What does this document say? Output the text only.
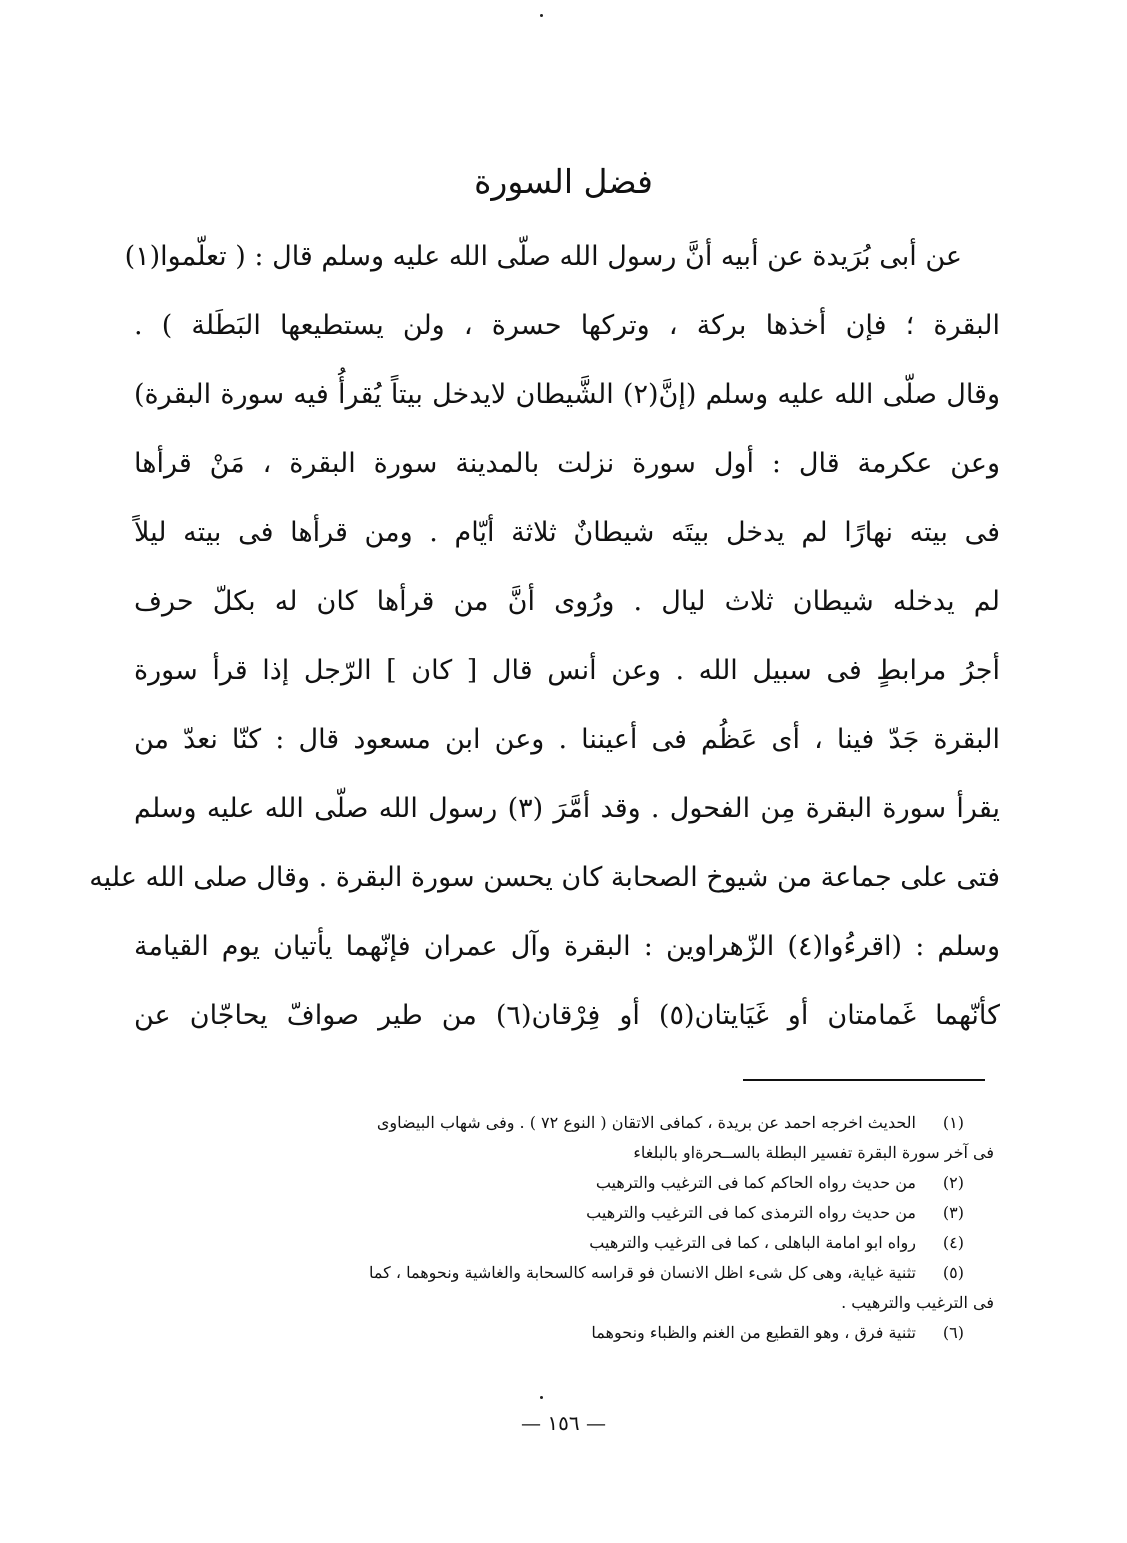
فضل السورة
عن أبى بُرَيدة عن أبيه أنَّ رسول الله صلّى الله عليه وسلم قال : ( تعلّموا(١)
البقرة ؛ فإن أخذها بركة ، وتركها حسرة ، ولن يستطيعها البَطَلة ) .
وقال صلّى الله عليه وسلم (إنَّ(٢) الشَّيطان لايدخل بيتاً يُقرأُ فيه سورة البقرة)
وعن عكرمة قال : أول سورة نزلت بالمدينة سورة البقرة ، مَنْ قرأها
فى بيته نهارًا لم يدخل بيتَه شيطانٌ ثلاثة أيّام . ومن قرأها فى بيته ليلاً
لم يدخله شيطان ثلاث ليال . ورُوى أنَّ من قرأها كان له بكلّ حرف
أجرُ مرابطٍ فى سبيل الله . وعن أنس قال [ كان ] الرّجل إذا قرأ سورة
البقرة جَدّ فينا ، أى عَظُم فى أعيننا . وعن ابن مسعود قال : كنّا نعدّ من
يقرأ سورة البقرة مِن الفحول . وقد أمَّرَ (٣) رسول الله صلّى الله عليه وسلم
فتى على جماعة من شيوخ الصحابة كان يحسن سورة البقرة . وقال صلى الله عليه
وسلم : (اقرءُوا(٤) الزّهراوين : البقرة وآل عمران فإنّهما يأتيان يوم القيامة
كأنّهما غَمامتان أو غَيَايتان(٥) أو فِرْقان(٦) من طير صوافّ يحاجّان عن
(١)الحديث اخرجه احمد عن بريدة ، كمافى الاتقان ( النوع ٧٢ ) . وفى شهاب البيضاوى
فى آخر سورة البقرة تفسير البطلة بالســحرةاو بالبلغاء
(٢)من حديث رواه الحاكم كما فى الترغيب والترهيب
(٣)من حديث رواه الترمذى كما فى الترغيب والترهيب
(٤)رواه ابو امامة الباهلى ، كما فى الترغيب والترهيب
(٥)تثنية غياية، وهى كل شىء اظل الانسان فو قراسه كالسحابة والغاشية ونحوهما ، كما
فى الترغيب والترهيب .
(٦)تثنية فرق ، وهو القطيع من الغنم والظباء ونحوهما
— ١٥٦ —
